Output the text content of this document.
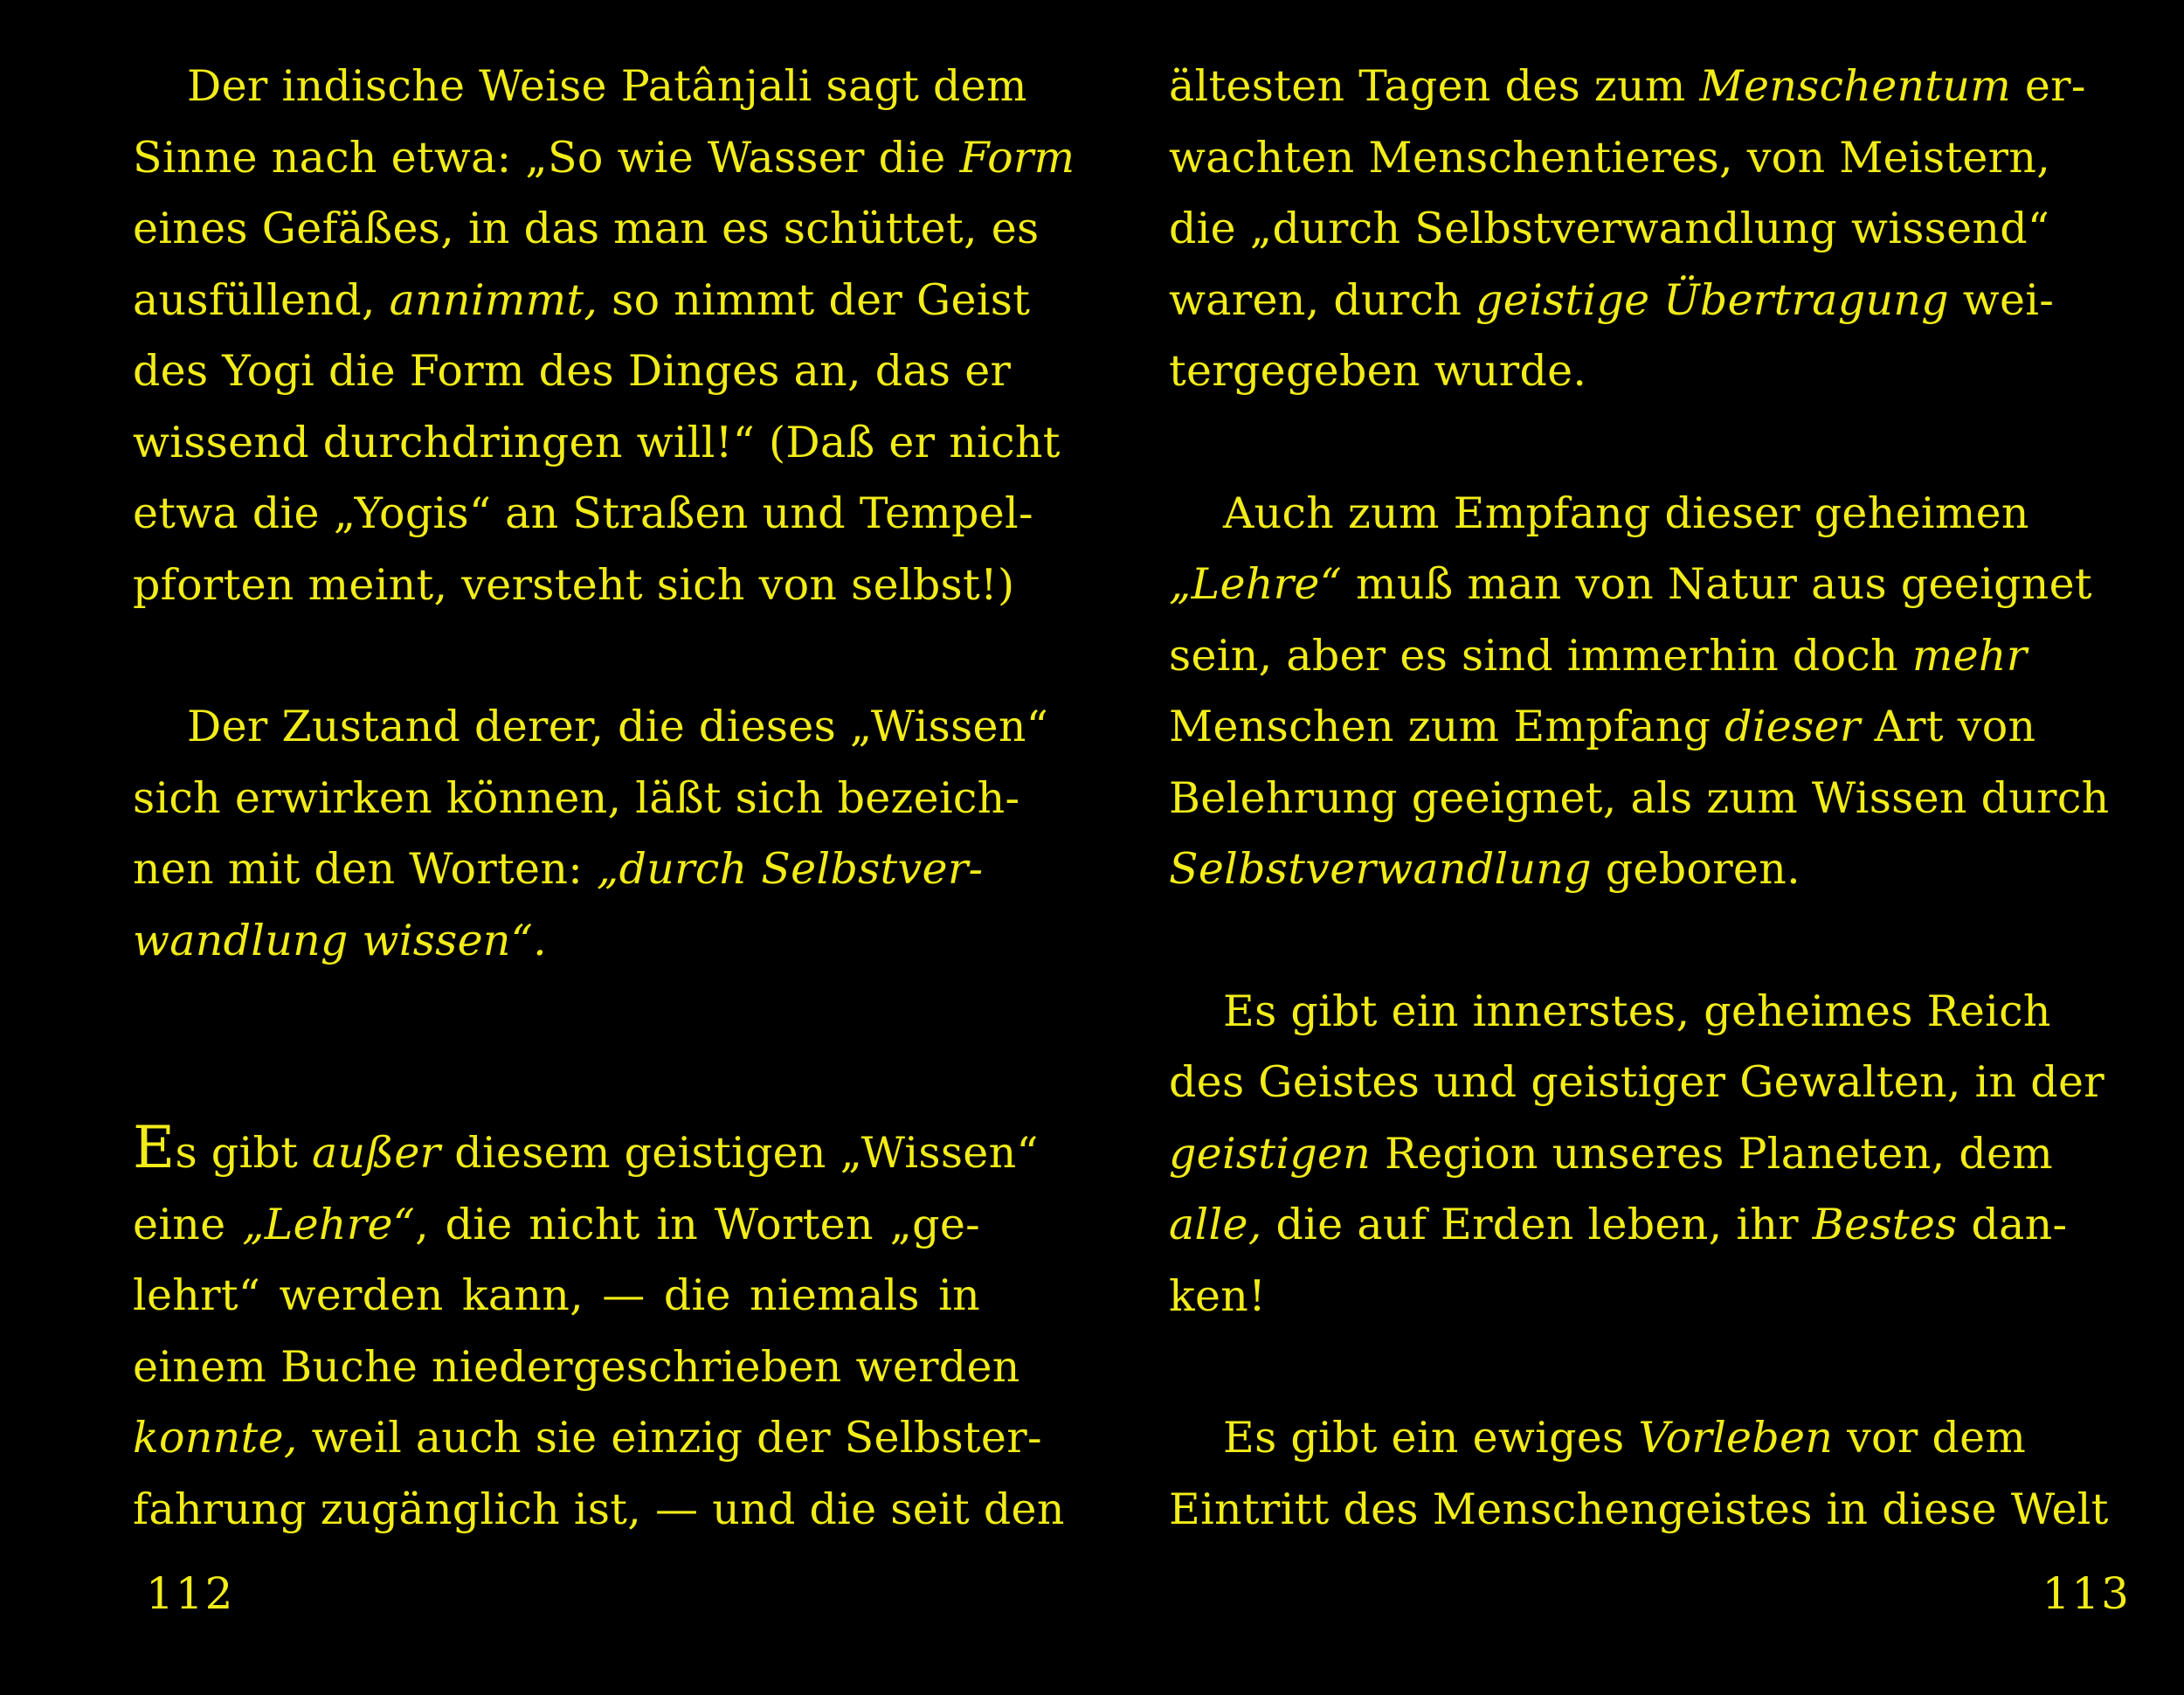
Der indische Weise Patânjali sagt dem
Sinne nach etwa: „So wie Wasser die Form
eines Gefäßes, in das man es schüttet, es
ausfüllend, annimmt, so nimmt der Geist
des Yogi die Form des Dinges an, das er
wissend durchdringen will!“ (Daß er nicht
etwa die „Yogis“ an Straßen und Tempel-
pforten meint, versteht sich von selbst!)
Der Zustand derer, die dieses „Wissen“
sich erwirken können, läßt sich bezeich-
nen mit den Worten: „durch Selbstver-
wandlung wissen“.
Es gibt außer diesem geistigen „Wissen“
eine „Lehre“, die nicht in Worten „ge-
lehrt“ werden kann, — die niemals in
einem Buche niedergeschrieben werden
konnte, weil auch sie einzig der Selbster-
fahrung zugänglich ist, — und die seit den
112
ältesten Tagen des zum Menschentum er-
wachten Menschentieres, von Meistern,
die „durch Selbstverwandlung wissend“
waren, durch geistige Übertragung wei-
tergegeben wurde.
Auch zum Empfang dieser geheimen
„Lehre“ muß man von Natur aus geeignet
sein, aber es sind immerhin doch mehr
Menschen zum Empfang dieser Art von
Belehrung geeignet, als zum Wissen durch
Selbstverwandlung geboren.
Es gibt ein innerstes, geheimes Reich
des Geistes und geistiger Gewalten, in der
geistigen Region unseres Planeten, dem
alle, die auf Erden leben, ihr Bestes dan-
ken!
Es gibt ein ewiges Vorleben vor dem
Eintritt des Menschengeistes in diese Welt
113
